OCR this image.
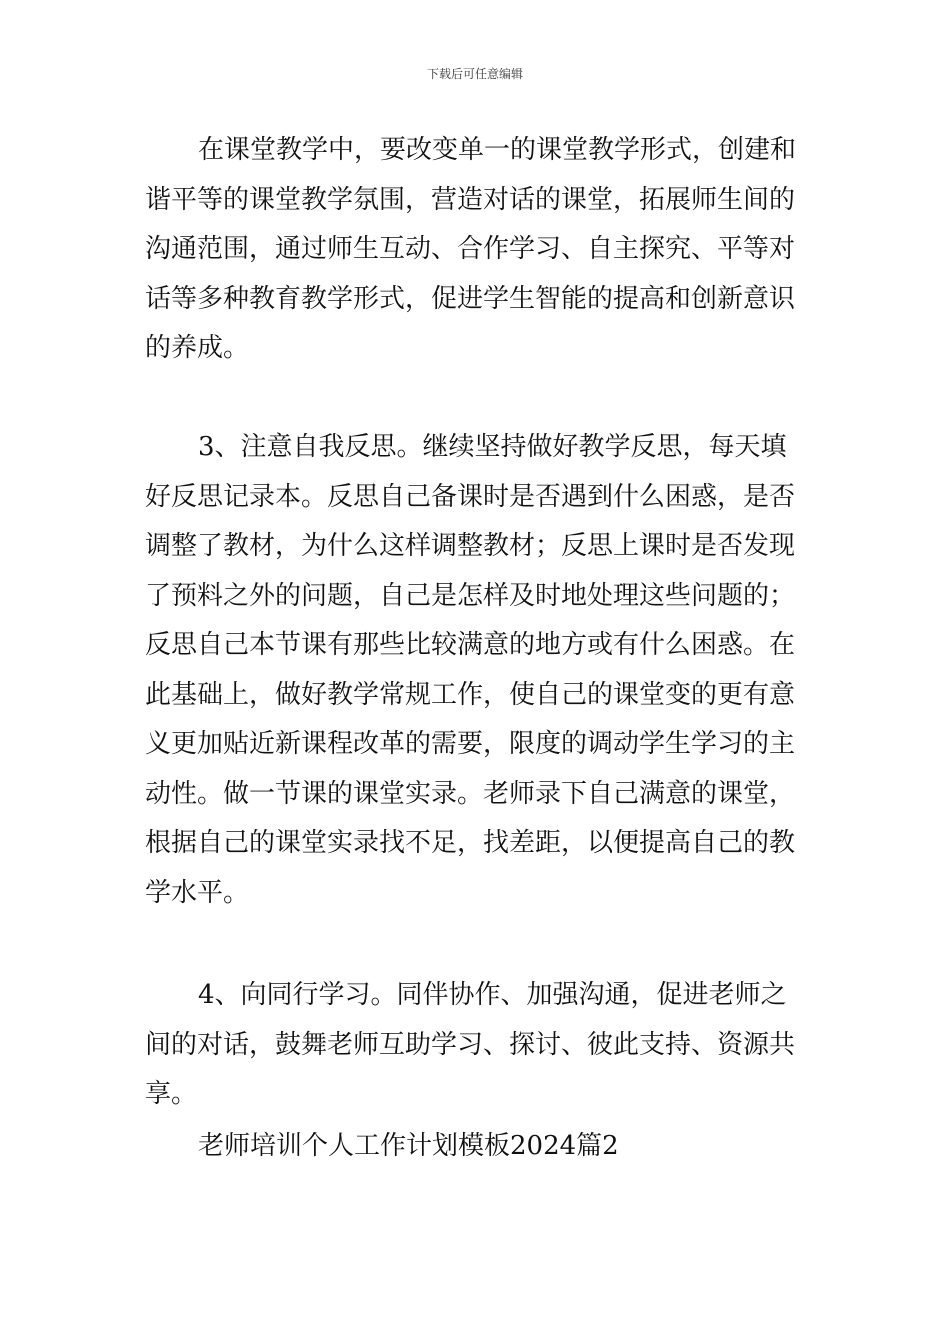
下载后可任意编辑

在课堂教学中，要改变单一的课堂教学形式，创建和谐平等的课堂教学氛围，营造对话的课堂，拓展师生间的沟通范围，通过师生互动、合作学习、自主探究、平等对话等多种教育教学形式，促进学生智能的提高和创新意识的养成。

3、注意自我反思。继续坚持做好教学反思，每天填好反思记录本。反思自己备课时是否遇到什么困惑，是否调整了教材，为什么这样调整教材；反思上课时是否发现了预料之外的问题，自己是怎样及时地处理这些问题的；反思自己本节课有那些比较满意的地方或有什么困惑。在此基础上，做好教学常规工作，使自己的课堂变的更有意义更加贴近新课程改革的需要，限度的调动学生学习的主动性。做一节课的课堂实录。老师录下自己满意的课堂，根据自己的课堂实录找不足，找差距，以便提高自己的教学水平。

4、向同行学习。同伴协作、加强沟通，促进老师之间的对话，鼓舞老师互助学习、探讨、彼此支持、资源共享。

老师培训个人工作计划模板2024篇2
